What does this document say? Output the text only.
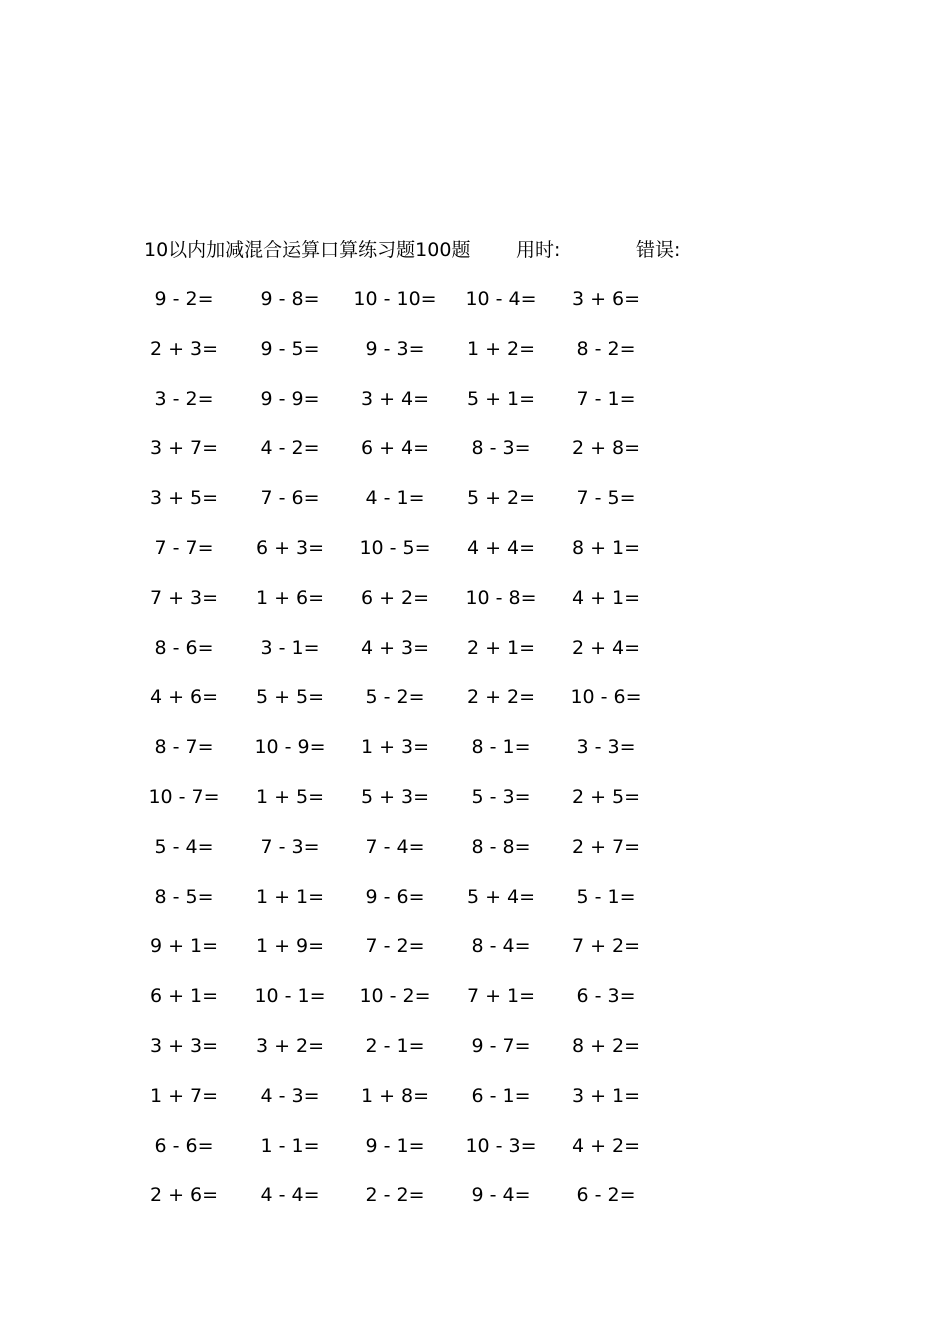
10以内加减混合运算口算练习题100题 用时:	错误:
9 - 2=	9 - 8=	10 - 10=	10 - 4=	3 + 6=
2 + 3=	9 - 5=	9 - 3=	1 + 2=	8 - 2=
3 - 2=	9 - 9=	3 + 4=	5 + 1=	7 - 1=
3 + 7=	4 - 2=	6 + 4=	8 - 3=	2 + 8=
3 + 5=	7 - 6=	4 - 1=	5 + 2=	7 - 5=
7 - 7=	6 + 3=	10 - 5=	4 + 4=	8 + 1=
7 + 3=	1 + 6=	6 + 2=	10 - 8=	4 + 1=
8 - 6=	3 - 1=	4 + 3=	2 + 1=	2 + 4=
4 + 6=	5 + 5=	5 - 2=	2 + 2=	10 - 6=
8 - 7=	10 - 9=	1 + 3=	8 - 1=	3 - 3=
10 - 7=	1 + 5=	5 + 3=	5 - 3=	2 + 5=
5 - 4=	7 - 3=	7 - 4=	8 - 8=	2 + 7=
8 - 5=	1 + 1=	9 - 6=	5 + 4=	5 - 1=
9 + 1=	1 + 9=	7 - 2=	8 - 4=	7 + 2=
6 + 1=	10 - 1=	10 - 2=	7 + 1=	6 - 3=
3 + 3=	3 + 2=	2 - 1=	9 - 7=	8 + 2=
1 + 7=	4 - 3=	1 + 8=	6 - 1=	3 + 1=
6 - 6=	1 - 1=	9 - 1=	10 - 3=	4 + 2=
2 + 6=	4 - 4=	2 - 2=	9 - 4=	6 - 2=
